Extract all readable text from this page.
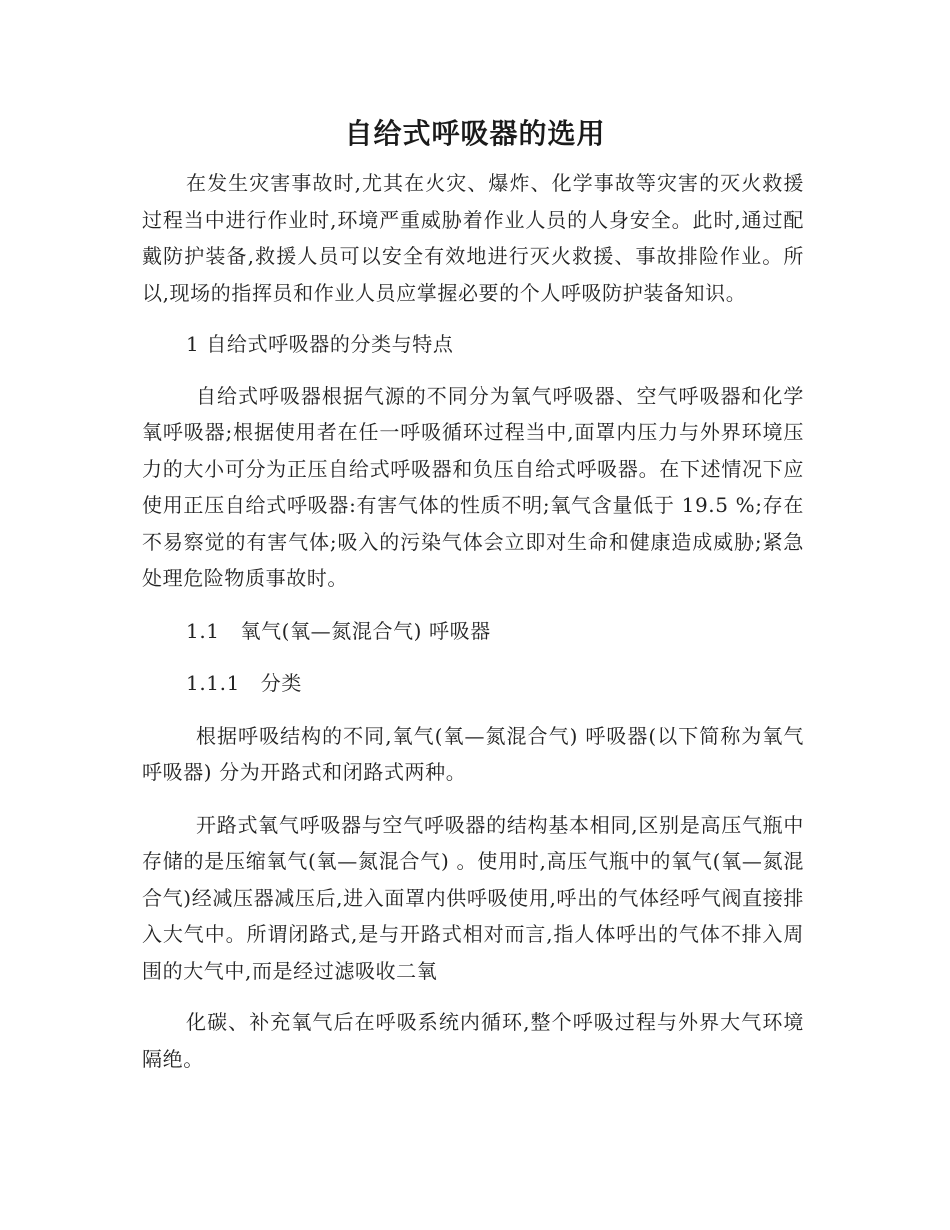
自给式呼吸器的选用

在发生灾害事故时,尤其在火灾、爆炸、化学事故等灾害的灭火救援过程当中进行作业时,环境严重威胁着作业人员的人身安全。此时,通过配戴防护装备,救援人员可以安全有效地进行灭火救援、事故排险作业。所以,现场的指挥员和作业人员应掌握必要的个人呼吸防护装备知识。

1 自给式呼吸器的分类与特点

自给式呼吸器根据气源的不同分为氧气呼吸器、空气呼吸器和化学氧呼吸器;根据使用者在任一呼吸循环过程当中,面罩内压力与外界环境压力的大小可分为正压自给式呼吸器和负压自给式呼吸器。在下述情况下应使用正压自给式呼吸器:有害气体的性质不明;氧气含量低于 19.5 %;存在不易察觉的有害气体;吸入的污染气体会立即对生命和健康造成威胁;紧急处理危险物质事故时。

1.1   氧气(氧—氮混合气) 呼吸器
1.1.1   分类

根据呼吸结构的不同,氧气(氧—氮混合气) 呼吸器(以下简称为氧气呼吸器) 分为开路式和闭路式两种。

开路式氧气呼吸器与空气呼吸器的结构基本相同,区别是高压气瓶中存储的是压缩氧气(氧—氮混合气) 。使用时,高压气瓶中的氧气(氧—氮混合气)经减压器减压后,进入面罩内供呼吸使用,呼出的气体经呼气阀直接排入大气中。所谓闭路式,是与开路式相对而言,指人体呼出的气体不排入周围的大气中,而是经过滤吸收二氧

化碳、补充氧气后在呼吸系统内循环,整个呼吸过程与外界大气环境隔绝。
